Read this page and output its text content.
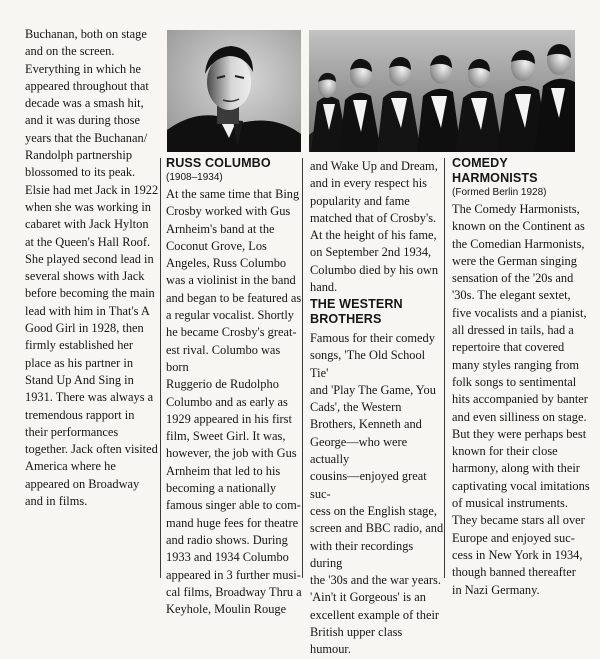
Buchanan, both on stage

and on the screen.

Everything in which he

appeared throughout that

decade was a smash hit,

and it was during those

years that the Buchanan/

Randolph partnership

blossomed to its peak.

Elsie had met Jack in 1922

when she was working in

cabaret with Jack Hylton

at the Queen's Hall Roof.

She played second lead in

several shows with Jack

before becoming the main

lead with him in That's A

Good Girl in 1928, then

firmly established her

place as his partner in

Stand Up And Sing in

1931. There was always a

tremendous rapport in

their performances

together. Jack often visited

America where he

appeared on Broadway

and in films.

RUSS COLUMBO
(1908–1934)

At the same time that Bing

Crosby worked with Gus

Arnheim's band at the

Coconut Grove, Los

Angeles, Russ Columbo

was a violinist in the band

and began to be featured as

a regular vocalist. Shortly

he became Crosby's great-

est rival. Columbo was born

Ruggerio de Rudolpho

Columbo and as early as

1929 appeared in his first

film, Sweet Girl. It was,

however, the job with Gus

Arnheim that led to his

becoming a nationally

famous singer able to com-

mand huge fees for theatre

and radio shows. During

1933 and 1934 Columbo

appeared in 3 further musi-

cal films, Broadway Thru a

Keyhole, Moulin Rouge

and Wake Up and Dream,

and in every respect his

popularity and fame

matched that of Crosby's.

At the height of his fame,

on September 2nd 1934,

Columbo died by his own

hand.

THE WESTERN
BROTHERS

Famous for their comedy

songs, 'The Old School Tie'

and 'Play The Game, You

Cads', the Western

Brothers, Kenneth and

George—who were actually

cousins—enjoyed great suc-

cess on the English stage,

screen and BBC radio, and

with their recordings during

the '30s and the war years.

'Ain't it Gorgeous' is an

excellent example of their

British upper class humour.

COMEDY HARMONISTS
(Formed Berlin 1928)

The Comedy Harmonists,

known on the Continent as

the Comedian Harmonists,

were the German singing

sensation of the '20s and

'30s. The elegant sextet,

five vocalists and a pianist,

all dressed in tails, had a

repertoire that covered

many styles ranging from

folk songs to sentimental

hits accompanied by banter

and even silliness on stage.

But they were perhaps best

known for their close

harmony, along with their

captivating vocal imitations

of musical instruments.

They became stars all over

Europe and enjoyed suc-

cess in New York in 1934,

though banned thereafter

in Nazi Germany.
